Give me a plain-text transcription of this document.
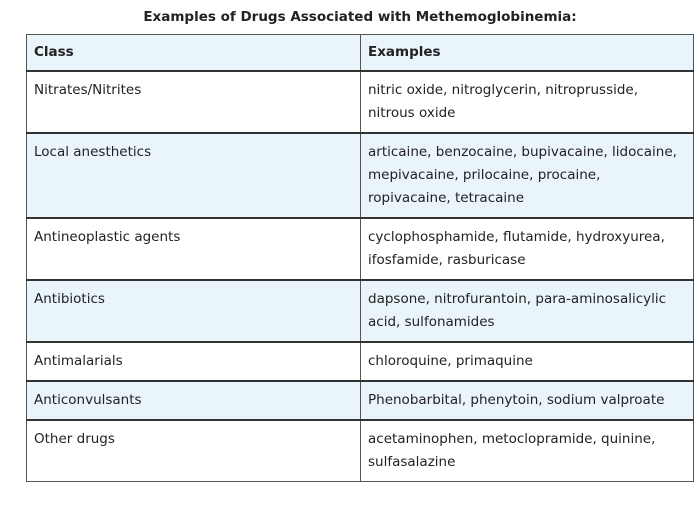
Examples of Drugs Associated with Methemoglobinemia:
Class	Examples
Nitrates/Nitrites	nitric oxide, nitroglycerin, nitroprusside, nitrous oxide
Local anesthetics	articaine, benzocaine, bupivacaine, lidocaine, mepivacaine, prilocaine, procaine, ropivacaine, tetracaine
Antineoplastic agents	cyclophosphamide, flutamide, hydroxyurea, ifosfamide, rasburicase
Antibiotics	dapsone, nitrofurantoin, para-aminosalicylic acid, sulfonamides
Antimalarials	chloroquine, primaquine
Anticonvulsants	Phenobarbital, phenytoin, sodium valproate
Other drugs	acetaminophen, metoclopramide, quinine, sulfasalazine
